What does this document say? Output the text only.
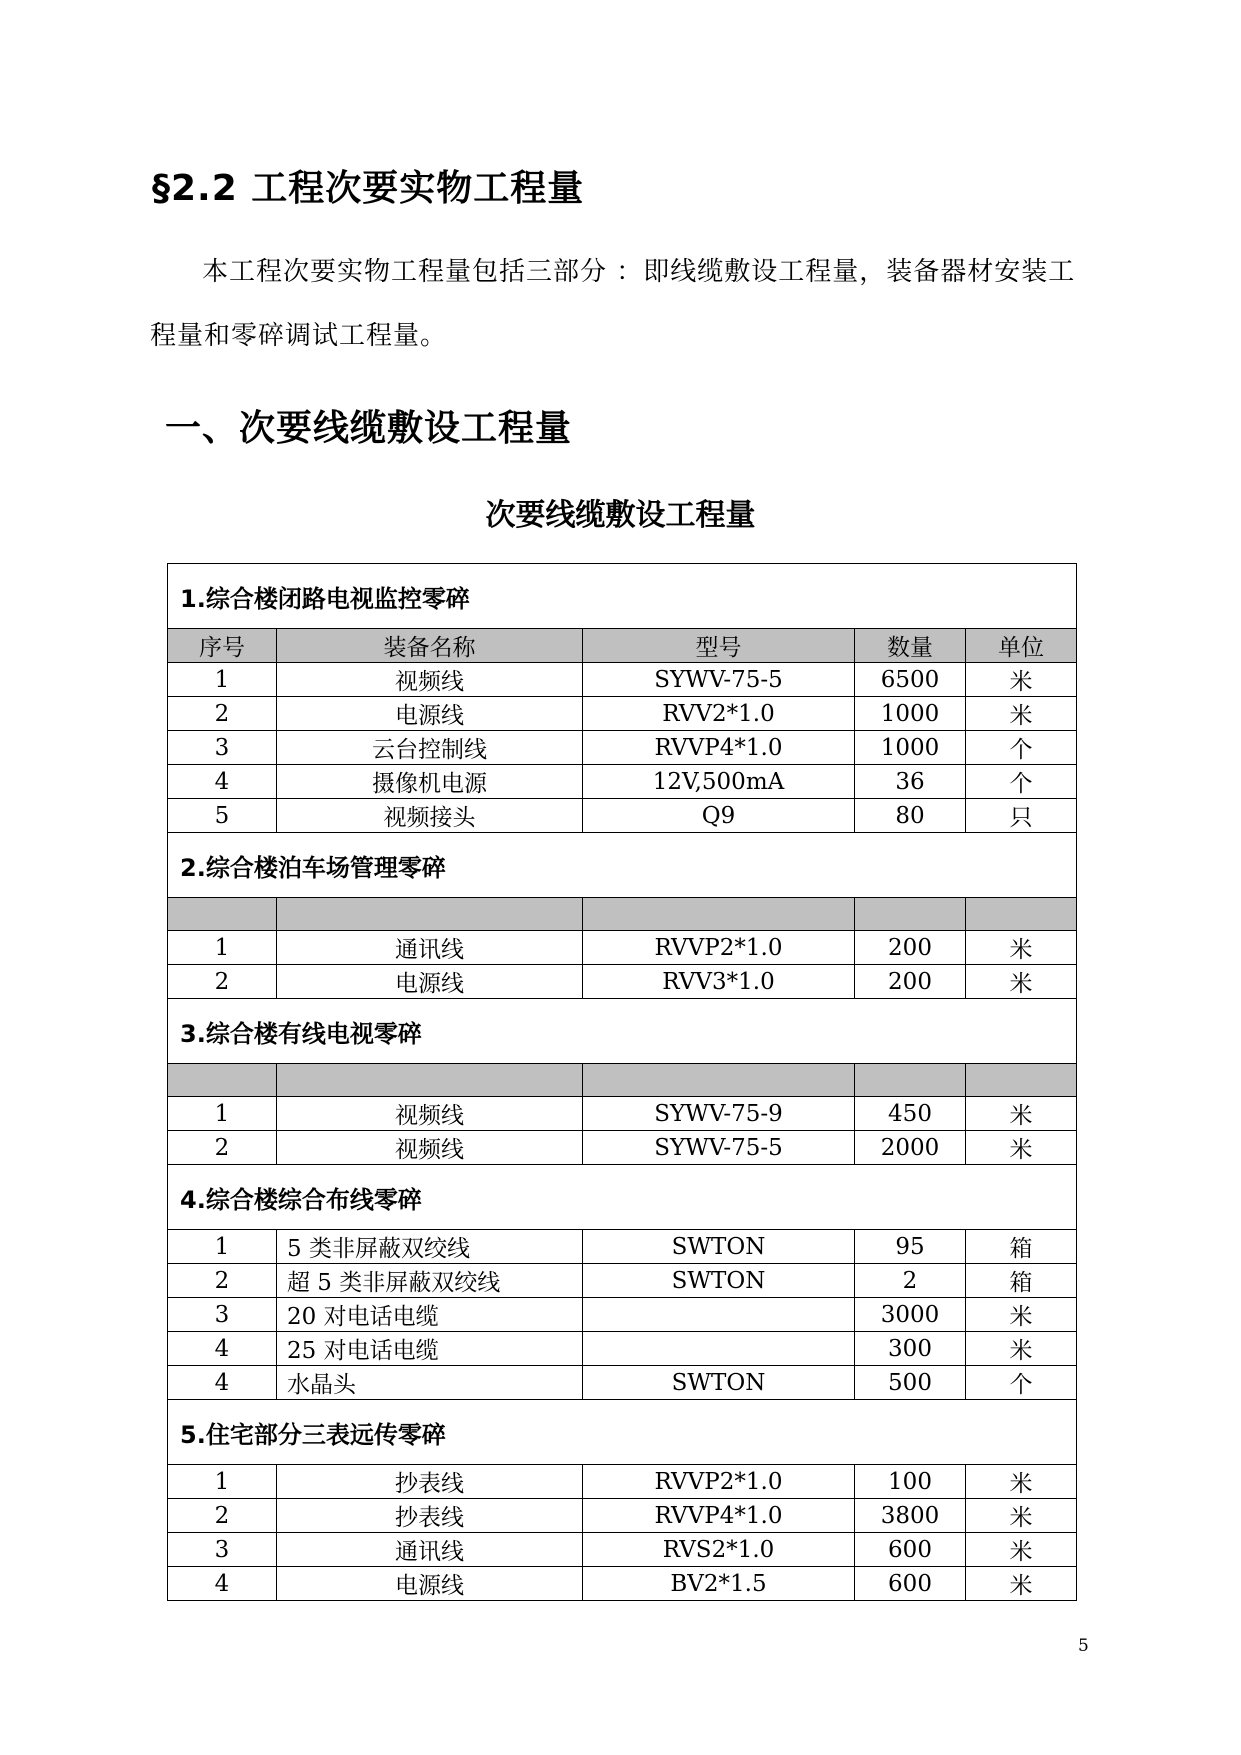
§2.2 工程次要实物工程量
本工程次要实物工程量包括三部分 ：即线缆敷设工程量，装备器材安装工程量和零碎调试工程量。
一、次要线缆敷设工程量
次要线缆敷设工程量
1.综合楼闭路电视监控零碎				
序号	装备名称	型号	数量	单位
1	视频线	SYWV-75-5	6500	米
2	电源线	RVV2*1.0	1000	米
3	云台控制线	RVVP4*1.0	1000	个
4	摄像机电源	12V,500mA	36	个
5	视频接头	Q9	80	只
2.综合楼泊车场管理零碎				

1	通讯线	RVVP2*1.0	200	米
2	电源线	RVV3*1.0	200	米
3.综合楼有线电视零碎				

1	视频线	SYWV-75-9	450	米
2	视频线	SYWV-75-5	2000	米
4.综合楼综合布线零碎				
1	5 类非屏蔽双绞线	SWTON	95	箱
2	超 5 类非屏蔽双绞线	SWTON	2	箱
3	20 对电话电缆		3000	米
4	25 对电话电缆		300	米
4	水晶头	SWTON	500	个
5.住宅部分三表远传零碎				
1	抄表线	RVVP2*1.0	100	米
2	抄表线	RVVP4*1.0	3800	米
3	通讯线	RVS2*1.0	600	米
4	电源线	BV2*1.5	600	米
5
